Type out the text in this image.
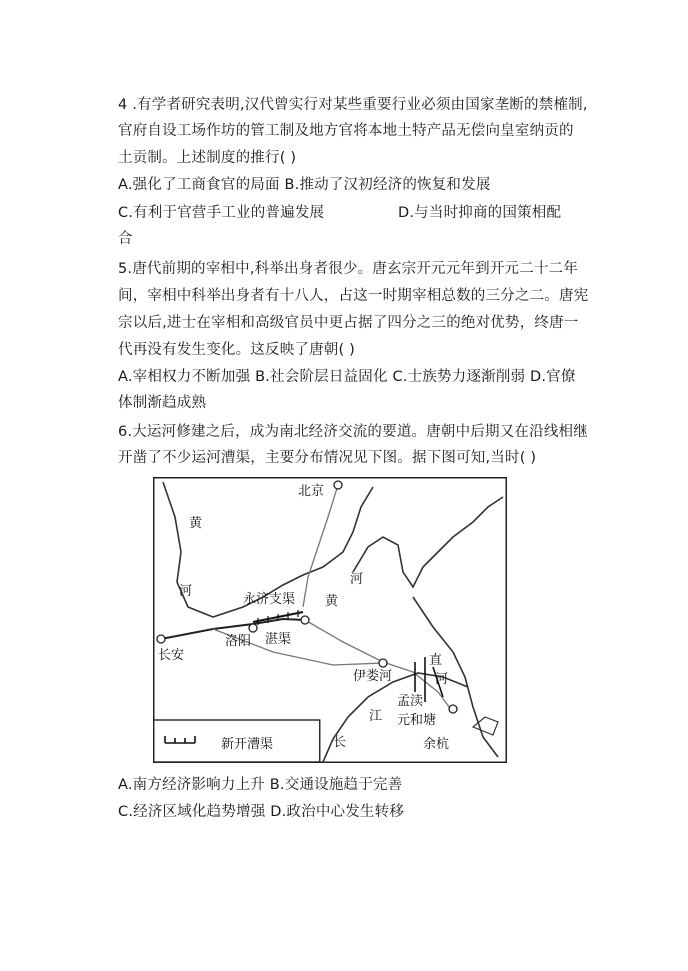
4 .有学者研究表明,汉代曾实行对某些重要行业必须由国家垄断的禁榷制,
官府自设工场作坊的管工制及地方官将本地土特产品无偿向皇室纳贡的
土贡制。上述制度的推行( )
A.强化了工商食官的局面 B.推动了汉初经济的恢复和发展
C.有利于官营手工业的普遍发展	D.与当时抑商的国策相配
合
5.唐代前期的宰相中,科举出身者很少。唐玄宗开元元年到开元二十二年
间，宰相中科举出身者有十八人，占这一时期宰相总数的三分之二。唐宪
宗以后,进士在宰相和高级官员中更占据了四分之三的绝对优势，终唐一
代再没有发生变化。这反映了唐朝( )
A.宰相权力不断加强 B.社会阶层日益固化 C.士族势力逐渐削弱 D.官僚
体制渐趋成熟
6.大运河修建之后，成为南北经济交流的要道。唐朝中后期又在沿线相继
开凿了不少运河漕渠，主要分布情况见下图。据下图可知,当时( )
北京
黄
河
永济支渠 黄
河
长安
洛阳 湛渠
伊娄河
直
河
孟渎
元和塘
江
长	余杭
新开漕渠
A.南方经济影响力上升 B.交通设施趋于完善
C.经济区域化趋势增强 D.政治中心发生转移
